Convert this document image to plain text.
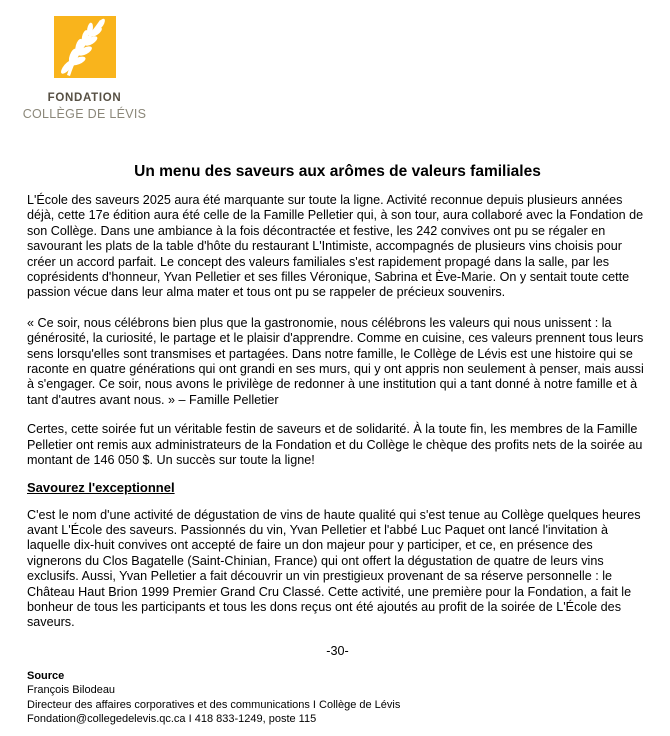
FONDATION
COLLÈGE DE LÉVIS
Un menu des saveurs aux arômes de valeurs familiales

L'École des saveurs 2025 aura été marquante sur toute la ligne. Activité reconnue depuis plusieurs années déjà, cette 17e édition aura été celle de la Famille Pelletier qui, à son tour, aura collaboré avec la Fondation de son Collège. Dans une ambiance à la fois décontractée et festive, les 242 convives ont pu se régaler en savourant les plats de la table d'hôte du restaurant L'Intimiste, accompagnés de plusieurs vins choisis pour créer un accord parfait. Le concept des valeurs familiales s'est rapidement propagé dans la salle, par les coprésidents d'honneur, Yvan Pelletier et ses filles Véronique, Sabrina et Ève-Marie. On y sentait toute cette passion vécue dans leur alma mater et tous ont pu se rappeler de précieux souvenirs.

« Ce soir, nous célébrons bien plus que la gastronomie, nous célébrons les valeurs qui nous unissent : la générosité, la curiosité, le partage et le plaisir d'apprendre. Comme en cuisine, ces valeurs prennent tous leurs sens lorsqu'elles sont transmises et partagées. Dans notre famille, le Collège de Lévis est une histoire qui se raconte en quatre générations qui ont grandi en ses murs, qui y ont appris non seulement à penser, mais aussi à s'engager. Ce soir, nous avons le privilège de redonner à une institution qui a tant donné à notre famille et à tant d'autres avant nous. » – Famille Pelletier

Certes, cette soirée fut un véritable festin de saveurs et de solidarité. À la toute fin, les membres de la Famille Pelletier ont remis aux administrateurs de la Fondation et du Collège le chèque des profits nets de la soirée au montant de 146 050 $. Un succès sur toute la ligne!

Savourez l'exceptionnel

C'est le nom d'une activité de dégustation de vins de haute qualité qui s'est tenue au Collège quelques heures avant L'École des saveurs. Passionnés du vin, Yvan Pelletier et l'abbé Luc Paquet ont lancé l'invitation à laquelle dix-huit convives ont accepté de faire un don majeur pour y participer, et ce, en présence des vignerons du Clos Bagatelle (Saint-Chinian, France) qui ont offert la dégustation de quatre de leurs vins exclusifs. Aussi, Yvan Pelletier a fait découvrir un vin prestigieux provenant de sa réserve personnelle : le Château Haut Brion 1999 Premier Grand Cru Classé. Cette activité, une première pour la Fondation, a fait le bonheur de tous les participants et tous les dons reçus ont été ajoutés au profit de la soirée de L'École des saveurs.

-30-
Source
François Bilodeau
Directeur des affaires corporatives et des communications I Collège de Lévis
Fondation@collegedelevis.qc.ca I 418 833-1249, poste 115
